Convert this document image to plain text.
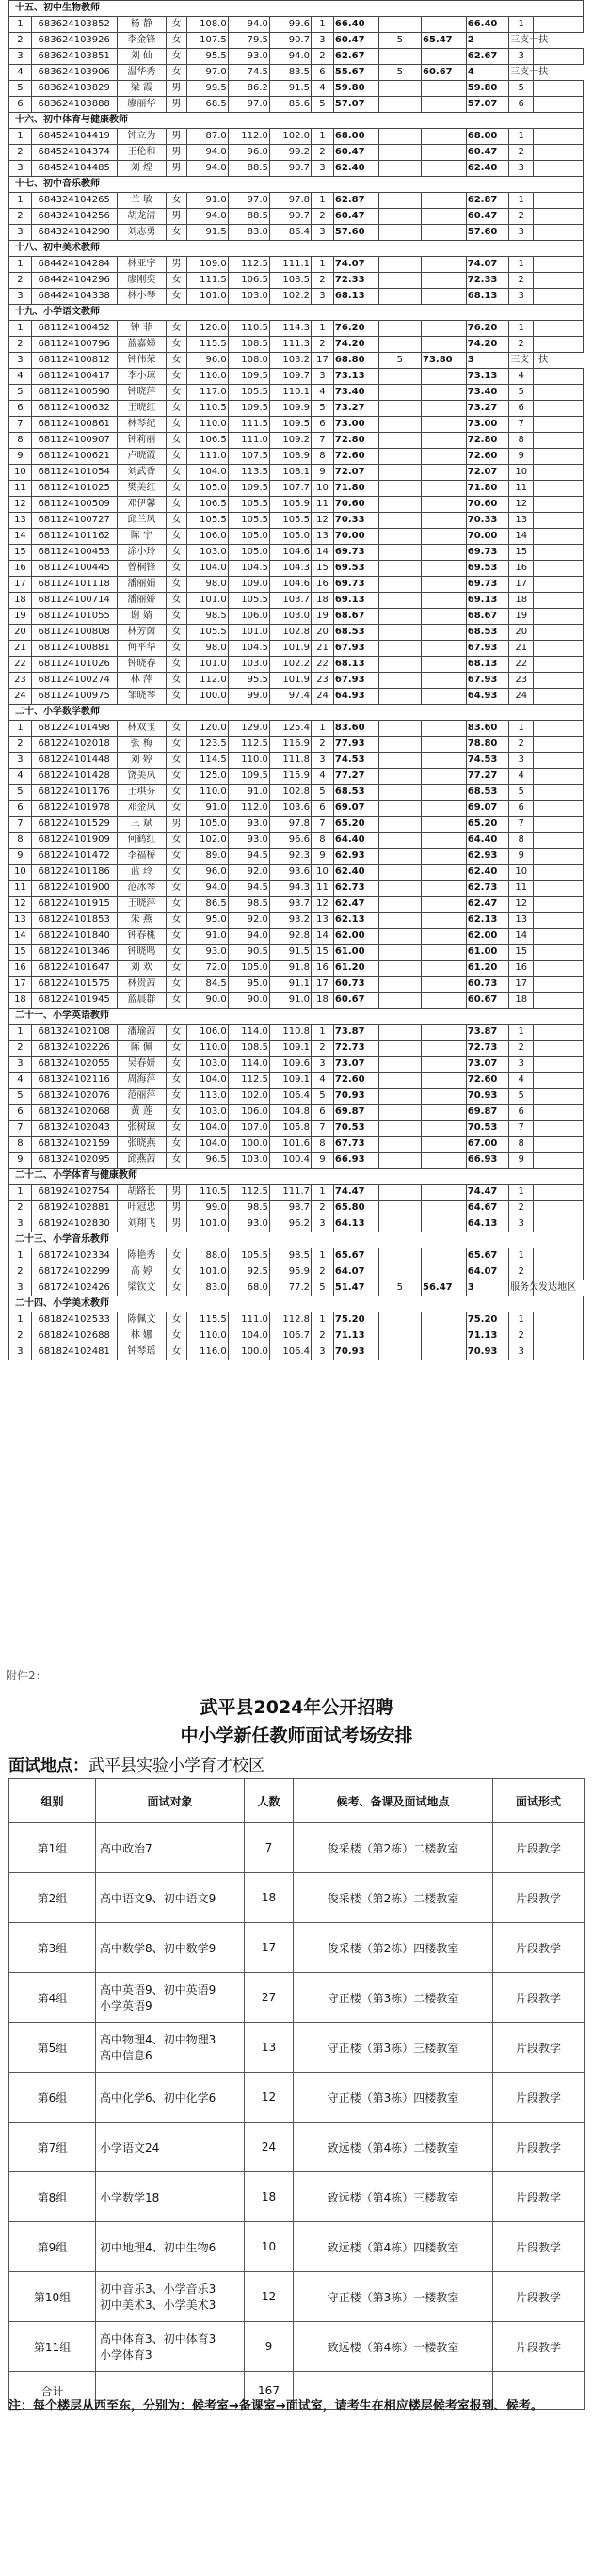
十五、初中生物教师													
1	683624103852	杨 静	女	108.0	94.0	99.6	1	66.40			66.40	1	
2	683624103926	李金锋	女	107.5	79.5	90.7	3	60.47	5	65.47	2	三支一扶	
3	683624103851	刘 仙	女	95.5	93.0	94.0	2	62.67			62.67	3	
4	683624103906	温华秀	女	97.0	74.5	83.5	6	55.67	5	60.67	4	三支一扶	
5	683624103829	梁 霞	男	99.5	86.2	91.5	4	59.80			59.80	5	
6	683624103888	廖丽华	男	68.5	97.0	85.6	5	57.07			57.07	6	
十六、初中体育与健康教师													
1	684524104419	钟立为	男	87.0	112.0	102.0	1	68.00			68.00	1	
2	684524104374	王伦和	男	94.0	96.0	99.2	2	60.47			60.47	2	
3	684524104485	刘 煌	男	94.0	88.5	90.7	3	62.40			62.40	3	
十七、初中音乐教师													
1	684324104265	兰 敏	女	91.0	97.0	97.8	1	62.87			62.87	1	
2	684324104256	胡龙清	男	94.0	88.5	90.7	2	60.47			60.47	2	
3	684324104290	刘志勇	女	91.5	83.0	86.4	3	57.60			57.60	3	
十八、初中美术教师													
1	684424104284	林亚宇	男	109.0	112.5	111.1	1	74.07			74.07	1	
2	684424104296	廖刚奕	女	111.5	106.5	108.5	2	72.33			72.33	2	
3	684424104338	林小琴	女	101.0	103.0	102.2	3	68.13			68.13	3	
十九、小学语文教师													
1	681124100452	钟 菲	女	120.0	110.5	114.3	1	76.20			76.20	1	
2	681124100796	蓝嘉娣	女	115.5	108.5	111.3	2	74.20			74.20	2	
3	681124100812	钟伟荣	女	96.0	108.0	103.2	17	68.80	5	73.80	3	三支一扶	
4	681124100417	李小琼	女	110.0	109.5	109.7	3	73.13			73.13	4	
5	681124100590	钟晓萍	女	117.0	105.5	110.1	4	73.40			73.40	5	
6	681124100632	王晓红	女	110.5	109.5	109.9	5	73.27			73.27	6	
7	681124100861	林琴纪	女	110.0	111.5	109.5	6	73.00			73.00	7	
8	681124100907	钟莉丽	女	106.5	111.0	109.2	7	72.80			72.80	8	
9	681124100621	卢晓霞	女	111.0	107.5	108.9	8	72.60			72.60	9	
10	681124101054	刘武香	女	104.0	113.5	108.1	9	72.07			72.07	10	
11	681124101025	樊美红	女	105.0	109.5	107.7	10	71.80			71.80	11	
12	681124100509	邓伊馨	女	106.5	105.5	105.9	11	70.60			70.60	12	
13	681124100727	邱兰凤	女	105.5	105.5	105.5	12	70.33			70.33	13	
14	681124101162	陈 宁	女	106.0	105.0	105.0	13	70.00			70.00	14	
15	681124100453	涂小玲	女	103.0	105.0	104.6	14	69.73			69.73	15	
16	681124100445	曾桐锋	女	104.0	104.5	104.3	15	69.53			69.53	16	
17	681124101118	潘丽娟	女	98.0	109.0	104.6	16	69.73			69.73	17	
18	681124100714	潘丽娇	女	101.0	105.5	103.7	18	69.13			69.13	18	
19	681124101055	谢 婧	女	98.5	106.0	103.0	19	68.67			68.67	19	
20	681124100808	林芳茵	女	105.5	101.0	102.8	20	68.53			68.53	20	
21	681124100881	何平华	女	98.0	104.5	101.9	21	67.93			67.93	21	
22	681124101026	钟晓春	女	101.0	103.0	102.2	22	68.13			68.13	22	
23	681124100274	林 萍	女	112.0	95.5	101.9	23	67.93			67.93	23	
24	681124100975	邹晓琴	女	100.0	99.0	97.4	24	64.93			64.93	24	
二十、小学数学教师													
1	681224101498	林双玉	女	120.0	129.0	125.4	1	83.60			83.60	1	
2	681224102018	张 梅	女	123.5	112.5	116.9	2	77.93			78.80	2	
3	681224101448	刘 婷	女	114.5	110.0	111.8	3	74.53			74.53	3	
4	681224101428	饶美凤	女	125.0	109.5	115.9	4	77.27			77.27	4	
5	681224101176	王琪芬	女	110.0	91.0	102.8	5	68.53			68.53	5	
6	681224101978	邓金凤	女	91.0	112.0	103.6	6	69.07			69.07	6	
7	681224101529	三 斌	男	105.0	93.0	97.8	7	65.20			65.20	7	
8	681224101909	何鹤红	女	102.0	93.0	96.6	8	64.40			64.40	8	
9	681224101472	李福桥	女	89.0	94.5	92.3	9	62.93			62.93	9	
10	681224101186	蓝 玲	女	96.0	92.0	93.6	10	62.40			62.40	10	
11	681224101900	范冰琴	女	94.0	94.5	94.3	11	62.73			62.73	11	
12	681224101915	王晓萍	女	86.5	98.5	93.7	12	62.47			62.47	12	
13	681224101853	朱 燕	女	95.0	92.0	93.2	13	62.13			62.13	13	
14	681224101840	钟春桃	女	91.0	94.0	92.8	14	62.00			62.00	14	
15	681224101346	钟晓鸣	女	93.0	90.5	91.5	15	61.00			61.00	15	
16	681224101647	刘 欢	女	72.0	105.0	91.8	16	61.20			61.20	16	
17	681224101575	林贵茜	女	84.5	95.0	91.1	17	60.73			60.73	17	
18	681224101945	蓝晨群	女	90.0	90.0	91.0	18	60.67			60.67	18	
二十一、小学英语教师													
1	681324102108	潘瑜茜	女	106.0	114.0	110.8	1	73.87			73.87	1	
2	681324102226	陈 佩	女	110.0	108.5	109.1	2	72.73			72.73	2	
3	681324102055	吴春妍	女	103.0	114.0	109.6	3	73.07			73.07	3	
4	681324102116	周海萍	女	104.0	112.5	109.1	4	72.60			72.60	4	
5	681324102076	范丽萍	女	113.0	102.0	106.4	5	70.93			70.93	5	
6	681324102068	黄 莲	女	103.0	106.0	104.8	6	69.87			69.87	6	
7	681324102043	张树琼	女	104.0	107.0	105.8	7	70.53			70.53	7	
8	681324102159	张晓燕	女	104.0	100.0	101.6	8	67.73			67.00	8	
9	681324102095	邱燕茜	女	96.5	103.0	100.4	9	66.93			66.93	9	
二十二、小学体育与健康教师													
1	681924102754	胡路长	男	110.5	112.5	111.7	1	74.47			74.47	1	
2	681924102881	叶冠忠	男	99.0	98.5	98.7	2	65.80			64.67	2	
3	681924102830	刘翔飞	男	101.0	93.0	96.2	3	64.13			64.13	3	
二十三、小学音乐教师													
1	681724102334	陈艳秀	女	88.0	105.5	98.5	1	65.67			65.67	1	
2	681724102299	高 婷	女	101.0	92.5	95.9	2	64.07			64.07	2	
3	681724102426	梁钦文	女	83.0	68.0	77.2	5	51.47	5	56.47	3	服务欠发达地区	
二十四、小学美术教师													
1	681824102533	陈佩文	女	115.5	111.0	112.8	1	75.20			75.20	1	
2	681824102688	林 娜	女	110.0	104.0	106.7	2	71.13			71.13	2	
3	681824102481	钟琴瑶	女	116.0	100.0	106.4	3	70.93			70.93	3	
附件2：
武平县2024年公开招聘
中小学新任教师面试考场安排
面试地点：武平县实验小学育才校区
组别	面试对象	人数	候考、备课及面试地点	面试形式
第1组	高中政治7	7	俊采楼（第2栋）二楼教室	片段教学
第2组	高中语文9、初中语文9	18	俊采楼（第2栋）二楼教室	片段教学
第3组	高中数学8、初中数学9	17	俊采楼（第2栋）四楼教室	片段教学
第4组	高中英语9、初中英语9
小学英语9	27	守正楼（第3栋）二楼教室	片段教学
第5组	高中物理4、初中物理3
高中信息6	13	守正楼（第3栋）三楼教室	片段教学
第6组	高中化学6、初中化学6	12	守正楼（第3栋）四楼教室	片段教学
第7组	小学语文24	24	致远楼（第4栋）二楼教室	片段教学
第8组	小学数学18	18	致远楼（第4栋）三楼教室	片段教学
第9组	初中地理4、初中生物6	10	致远楼（第4栋）四楼教室	片段教学
第10组	初中音乐3、小学音乐3
初中美术3、小学美术3	12	守正楼（第3栋）一楼教室	片段教学
第11组	高中体育3、初中体育3
小学体育3	9	致远楼（第4栋）一楼教室	片段教学
合计		167		
注：每个楼层从西至东，分别为：候考室→备课室→面试室，请考生在相应楼层候考室报到、候考。
